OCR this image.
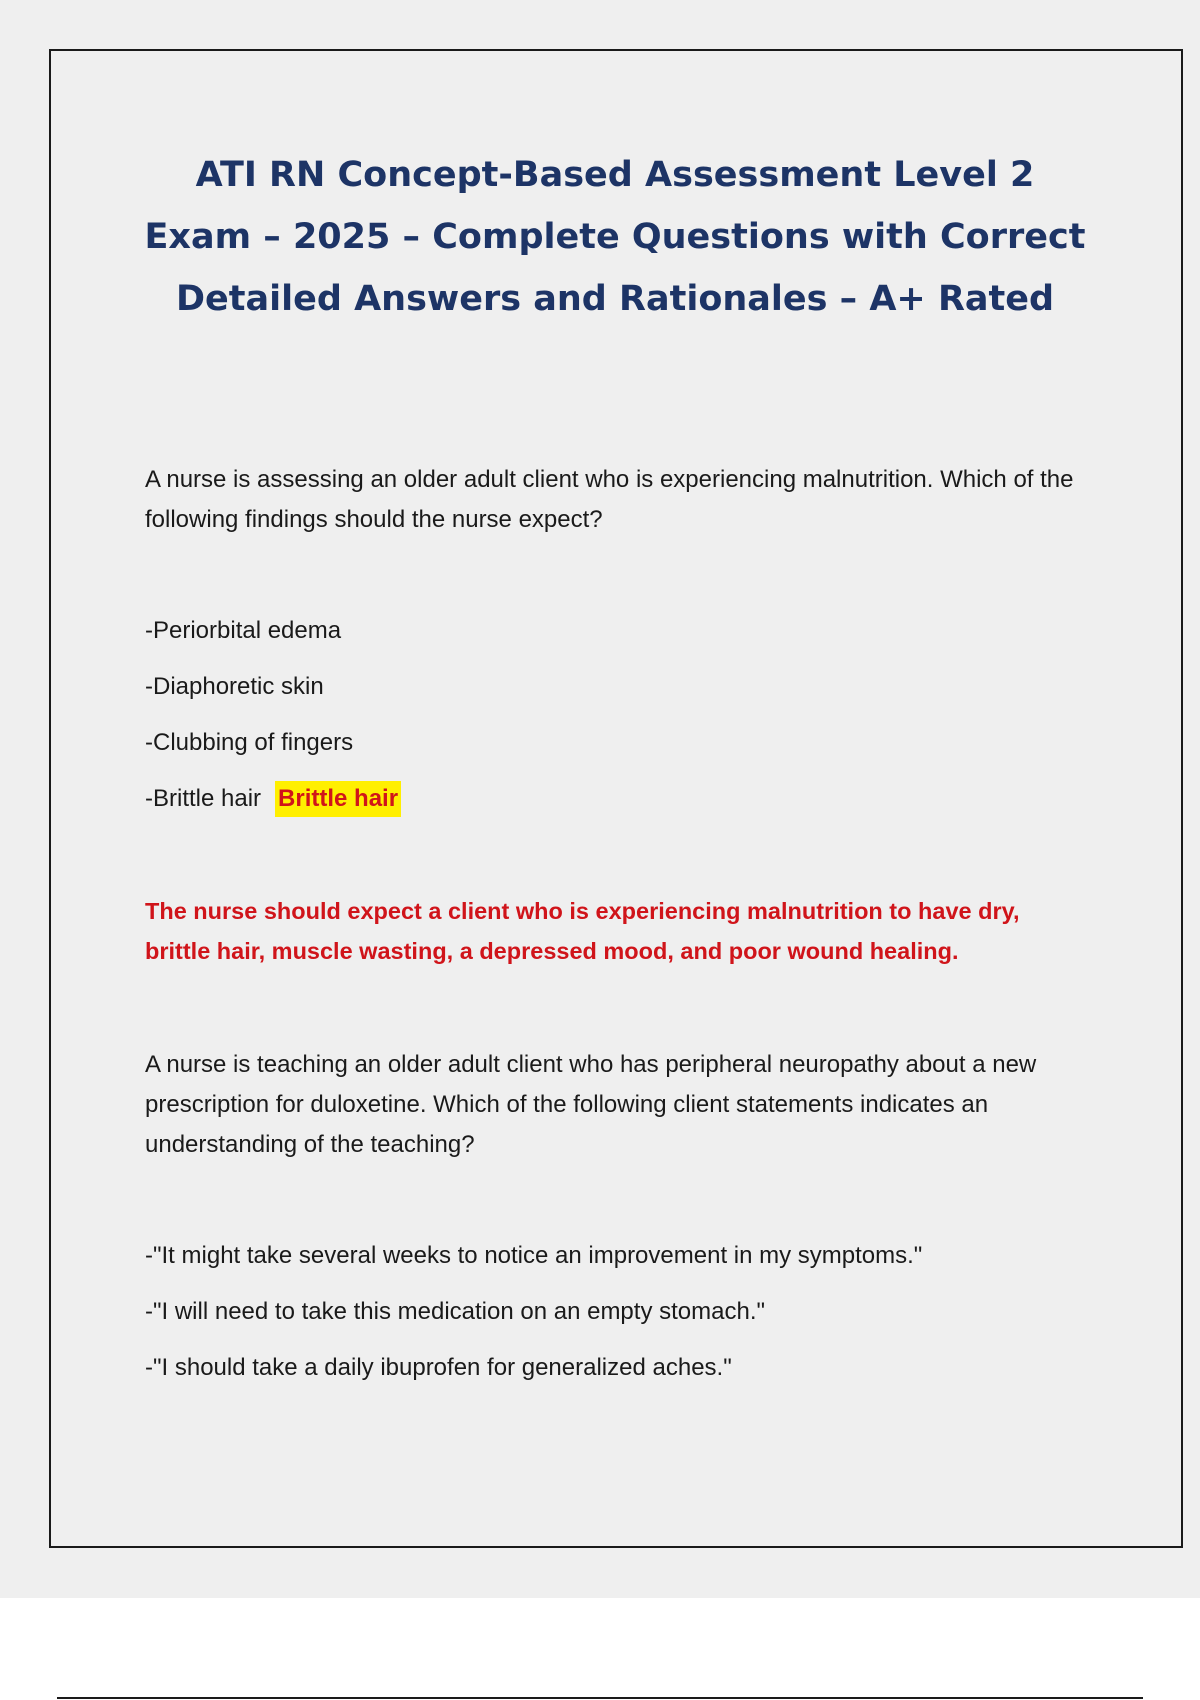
ATI RN Concept-Based Assessment Level 2 Exam – 2025 – Complete Questions with Correct Detailed Answers and Rationales – A+ Rated

A nurse is assessing an older adult client who is experiencing malnutrition. Which of the following findings should the nurse expect?

-Periorbital edema
-Diaphoretic skin
-Clubbing of fingers
-Brittle hair Brittle hair

The nurse should expect a client who is experiencing malnutrition to have dry, brittle hair, muscle wasting, a depressed mood, and poor wound healing.

A nurse is teaching an older adult client who has peripheral neuropathy about a new prescription for duloxetine. Which of the following client statements indicates an understanding of the teaching?

-"It might take several weeks to notice an improvement in my symptoms."
-"I will need to take this medication on an empty stomach."
-"I should take a daily ibuprofen for generalized aches."
